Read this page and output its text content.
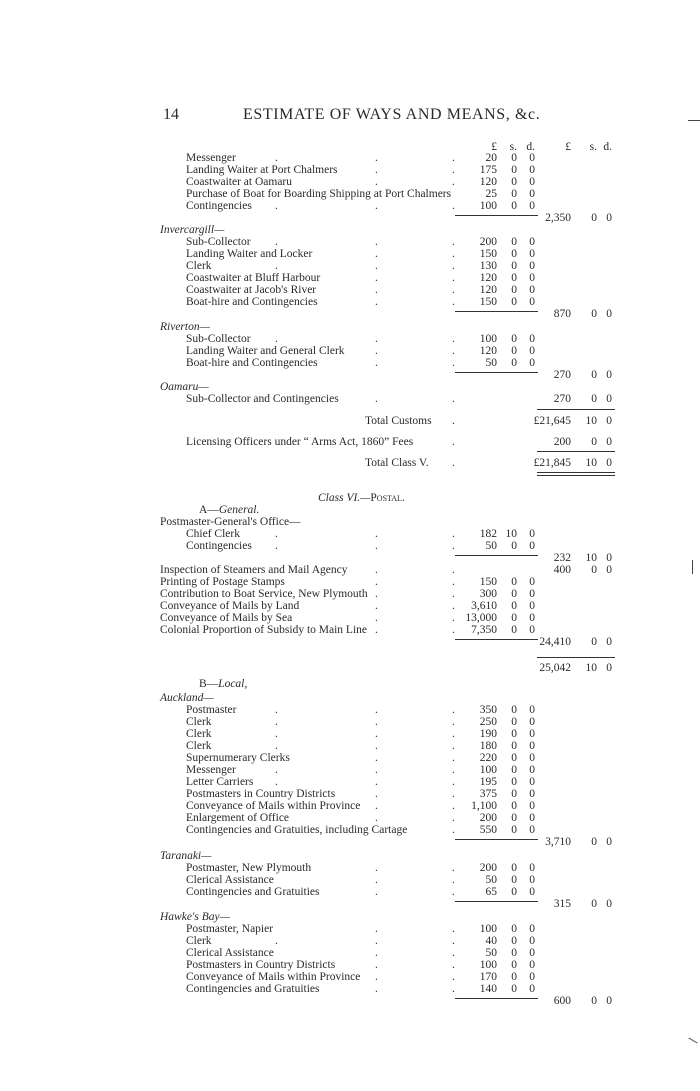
14	ESTIMATE OF WAYS AND MEANS, &c.
£ s. d.	£ s. d.
Messenger	.	.	.	20 0 0
Landing Waiter at Port Chalmers	.	. 175 0 0
Coastwaiter at Oamaru	.	. 120 0 0
Purchase of Boat for Boarding Shipping at Port Chalmers	25 0 0
Contingencies .	.	. 100 0 0
2,350 0 0
Invercargill—
Sub-Collector .	.	. 200 0 0
Landing Waiter and Locker	.	. 150 0 0
Clerk	.	.	. 130 0 0
Coastwaiter at Bluff Harbour	.	. 120 0 0
Coastwaiter at Jacob's River	.	. 120 0 0
Boat-hire and Contingencies	.	. 150 0 0
870 0 0
Riverton—
Sub-Collector .	.	. 100 0 0
Landing Waiter and General Clerk	.	. 120 0 0
Boat-hire and Contingencies	.	.	50 0 0
270 0 0
Oamaru—
Sub-Collector and Contingencies	.	.	270 0 0
Total Customs .	£21,645 10 0
Licensing Officers under “ Arms Act, 1860” Fees	.	200 0 0
Total Class V. .	£21,845 10 0
Class VI.—Postal.
A—General.
Postmaster-General's Office—
Chief Clerk	.	.	. 182 10 0
Contingencies .	.	.	50 0 0
232 10 0
Inspection of Steamers and Mail Agency .	.	400 0 0
Printing of Postage Stamps	.	. 150 0 0
Contribution to Boat Service, New Plymouth .	. 300 0 0
Conveyance of Mails by Land	.	. 3,610 0 0
Conveyance of Mails by Sea	.	. 13,000 0 0
Colonial Proportion of Subsidy to Main Line .	. 7,350 0 0
24,410 0 0
25,042 10 0
B—Local,
Auckland—
Postmaster	.	.	. 350 0 0
Clerk	.	.	. 250 0 0
Clerk	.	.	. 190 0 0
Clerk	.	.	. 180 0 0
Supernumerary Clerks	.	. 220 0 0
Messenger	.	.	. 100 0 0
Letter Carriers .	.	. 195 0 0
Postmasters in Country Districts	.	. 375 0 0
Conveyance of Mails within Province .	. 1,100 0 0
Enlargement of Office	.	. 200 0 0
Contingencies and Gratuities, including Cartage	. 550 0 0
3,710 0 0
Taranaki—
Postmaster, New Plymouth	.	. 200 0 0
Clerical Assistance	.	.	50 0 0
Contingencies and Gratuities	.	.	65 0 0
315 0 0
Hawke's Bay—
Postmaster, Napier	.	. 100 0 0
Clerk	.	.	.	40 0 0
Clerical Assistance	.	.	50 0 0
Postmasters in Country Districts	.	. 100 0 0
Conveyance of Mails within Province .	. 170 0 0
Contingencies and Gratuities	.	. 140 0 0
600 0 0
